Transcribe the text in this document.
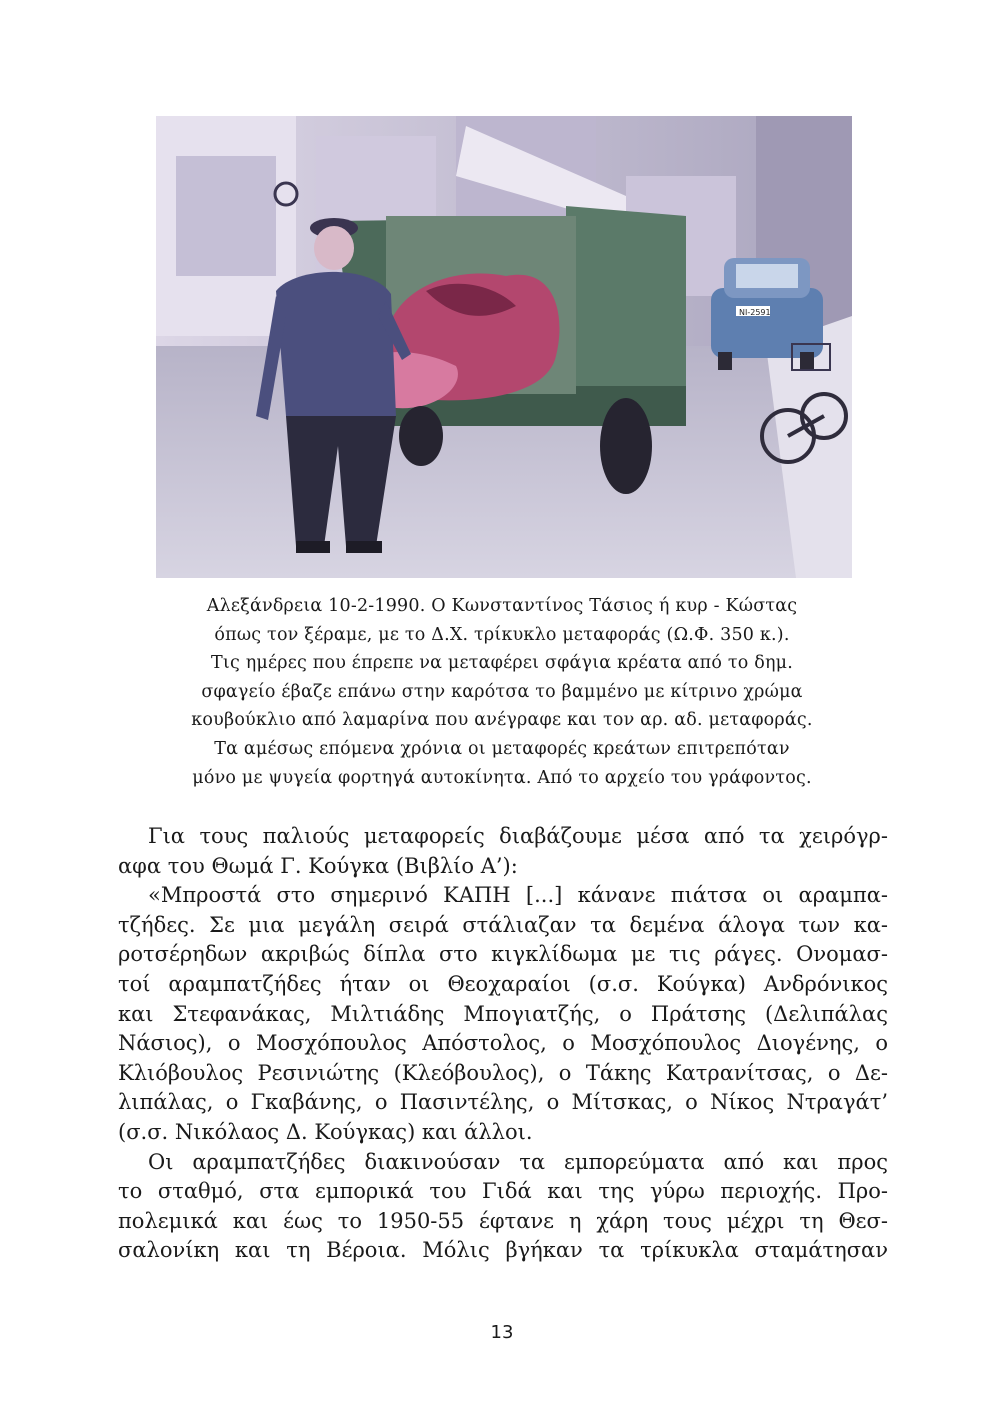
NI-2591
Αλεξάνδρεια 10-2-1990. Ο Κωνσταντίνος Τάσιος ή κυρ - Κώστας
όπως τον ξέραμε, με το Δ.Χ. τρίκυκλο μεταφοράς (Ω.Φ. 350 κ.).
Τις ημέρες που έπρεπε να μεταφέρει σφάγια κρέατα από το δημ.
σφαγείο έβαζε επάνω στην καρότσα το βαμμένο με κίτρινο χρώμα
κουβούκλιο από λαμαρίνα που ανέγραφε και τον αρ. αδ. μεταφοράς.
Τα αμέσως επόμενα χρόνια οι μεταφορές κρεάτων επιτρεπόταν
μόνο με ψυγεία φορτηγά αυτοκίνητα. Από το αρχείο του γράφοντος.

Για τους παλιούς μεταφορείς διαβάζουμε μέσα από τα χειρόγρ-
αφα του Θωμά Γ. Κούγκα (Βιβλίο Α’):

«Μπροστά στο σημερινό ΚΑΠΗ [...] κάνανε πιάτσα οι αραμπα-
τζήδες. Σε μια μεγάλη σειρά στάλιαζαν τα δεμένα άλογα των κα-
ροτσέρηδων ακριβώς δίπλα στο κιγκλίδωμα με τις ράγες. Ονομασ-
τοί αραμπατζήδες ήταν οι Θεοχαραίοι (σ.σ. Κούγκα) Ανδρόνικος
και Στεφανάκας, Μιλτιάδης Μπογιατζής, ο Πράτσης (Δελιπάλας
Νάσιος), ο Μοσχόπουλος Απόστολος, ο Μοσχόπουλος Διογένης, ο
Κλιόβουλος Ρεσινιώτης (Κλεόβουλος), ο Τάκης Κατρανίτσας, ο Δε-
λιπάλας, ο Γκαβάνης, ο Πασιντέλης, ο Μίτσκας, ο Νίκος Ντραγάτ’
(σ.σ. Νικόλαος Δ. Κούγκας) και άλλοι.

Οι αραμπατζήδες διακινούσαν τα εμπορεύματα από και προς
το σταθμό, στα εμπορικά του Γιδά και της γύρω περιοχής. Προ-
πολεμικά και έως το 1950-55 έφτανε η χάρη τους μέχρι τη Θεσ-
σαλονίκη και τη Βέροια. Μόλις βγήκαν τα τρίκυκλα σταμάτησαν

13
